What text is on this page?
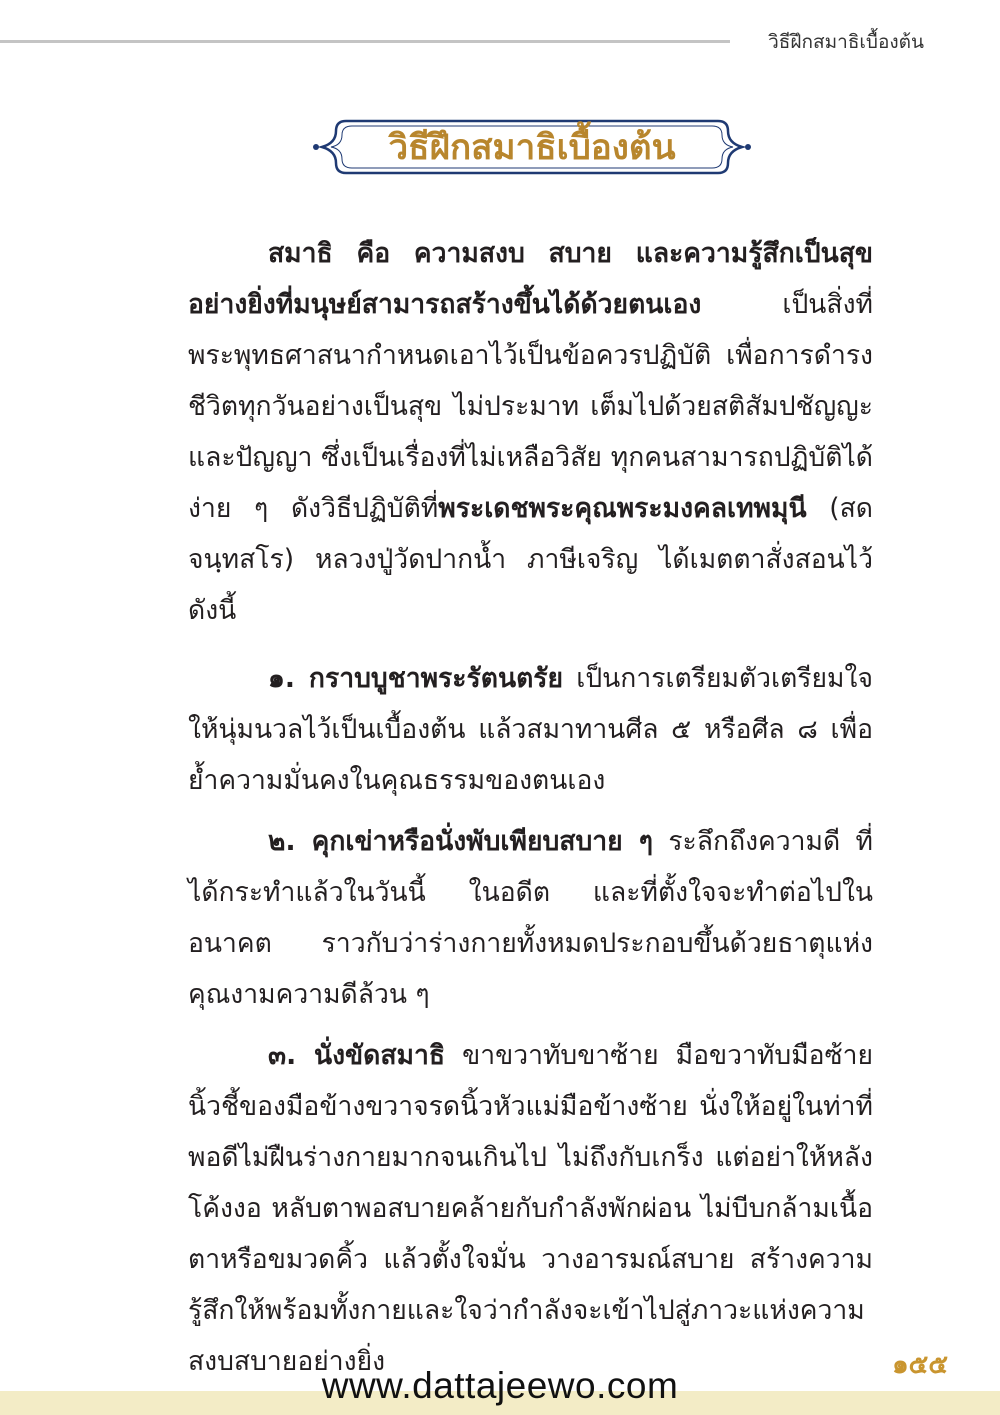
วิธีฝึกสมาธิเบื้องต้น
วิธีฝึกสมาธิเบื้องต้น

สมาธิ คือ ความสงบ สบาย และความรู้สึกเป็นสุขอย่างยิ่งที่มนุษย์สามารถสร้างขึ้นได้ด้วยตนเอง เป็นสิ่งที่พระพุทธศาสนากำหนดเอาไว้เป็นข้อควรปฏิบัติ เพื่อการดำรงชีวิตทุกวันอย่างเป็นสุข ไม่ประมาท เต็มไปด้วยสติสัมปชัญญะและปัญญา ซึ่งเป็นเรื่องที่ไม่เหลือวิสัย ทุกคนสามารถปฏิบัติได้ง่าย ๆ ดังวิธีปฏิบัติที่พระเดชพระคุณพระมงคลเทพมุนี (สด จนฺทสโร) หลวงปู่วัดปากน้ำ ภาษีเจริญ ได้เมตตาสั่งสอนไว้ ดังนี้

๑. กราบบูชาพระรัตนตรัย เป็นการเตรียมตัวเตรียมใจให้นุ่มนวลไว้เป็นเบื้องต้น แล้วสมาทานศีล ๕ หรือศีล ๘ เพื่อย้ำความมั่นคงในคุณธรรมของตนเอง

๒. คุกเข่าหรือนั่งพับเพียบสบาย ๆ ระลึกถึงความดี ที่ได้กระทำแล้วในวันนี้ ในอดีต และที่ตั้งใจจะทำต่อไปในอนาคต ราวกับว่าร่างกายทั้งหมดประกอบขึ้นด้วยธาตุแห่งคุณงามความดีล้วน ๆ

๓. นั่งขัดสมาธิ ขาขวาทับขาซ้าย มือขวาทับมือซ้าย นิ้วชี้ของมือข้างขวาจรดนิ้วหัวแม่มือข้างซ้าย นั่งให้อยู่ในท่าที่พอดีไม่ฝืนร่างกายมากจนเกินไป ไม่ถึงกับเกร็ง แต่อย่าให้หลังโค้งงอ หลับตาพอสบายคล้ายกับกำลังพักผ่อน ไม่บีบกล้ามเนื้อตาหรือขมวดคิ้ว แล้วตั้งใจมั่น วางอารมณ์สบาย สร้างความรู้สึกให้พร้อมทั้งกายและใจว่ากำลังจะเข้าไปสู่ภาวะแห่งความสงบสบายอย่างยิ่ง	๑๕๕
www.dattajeewo.com
